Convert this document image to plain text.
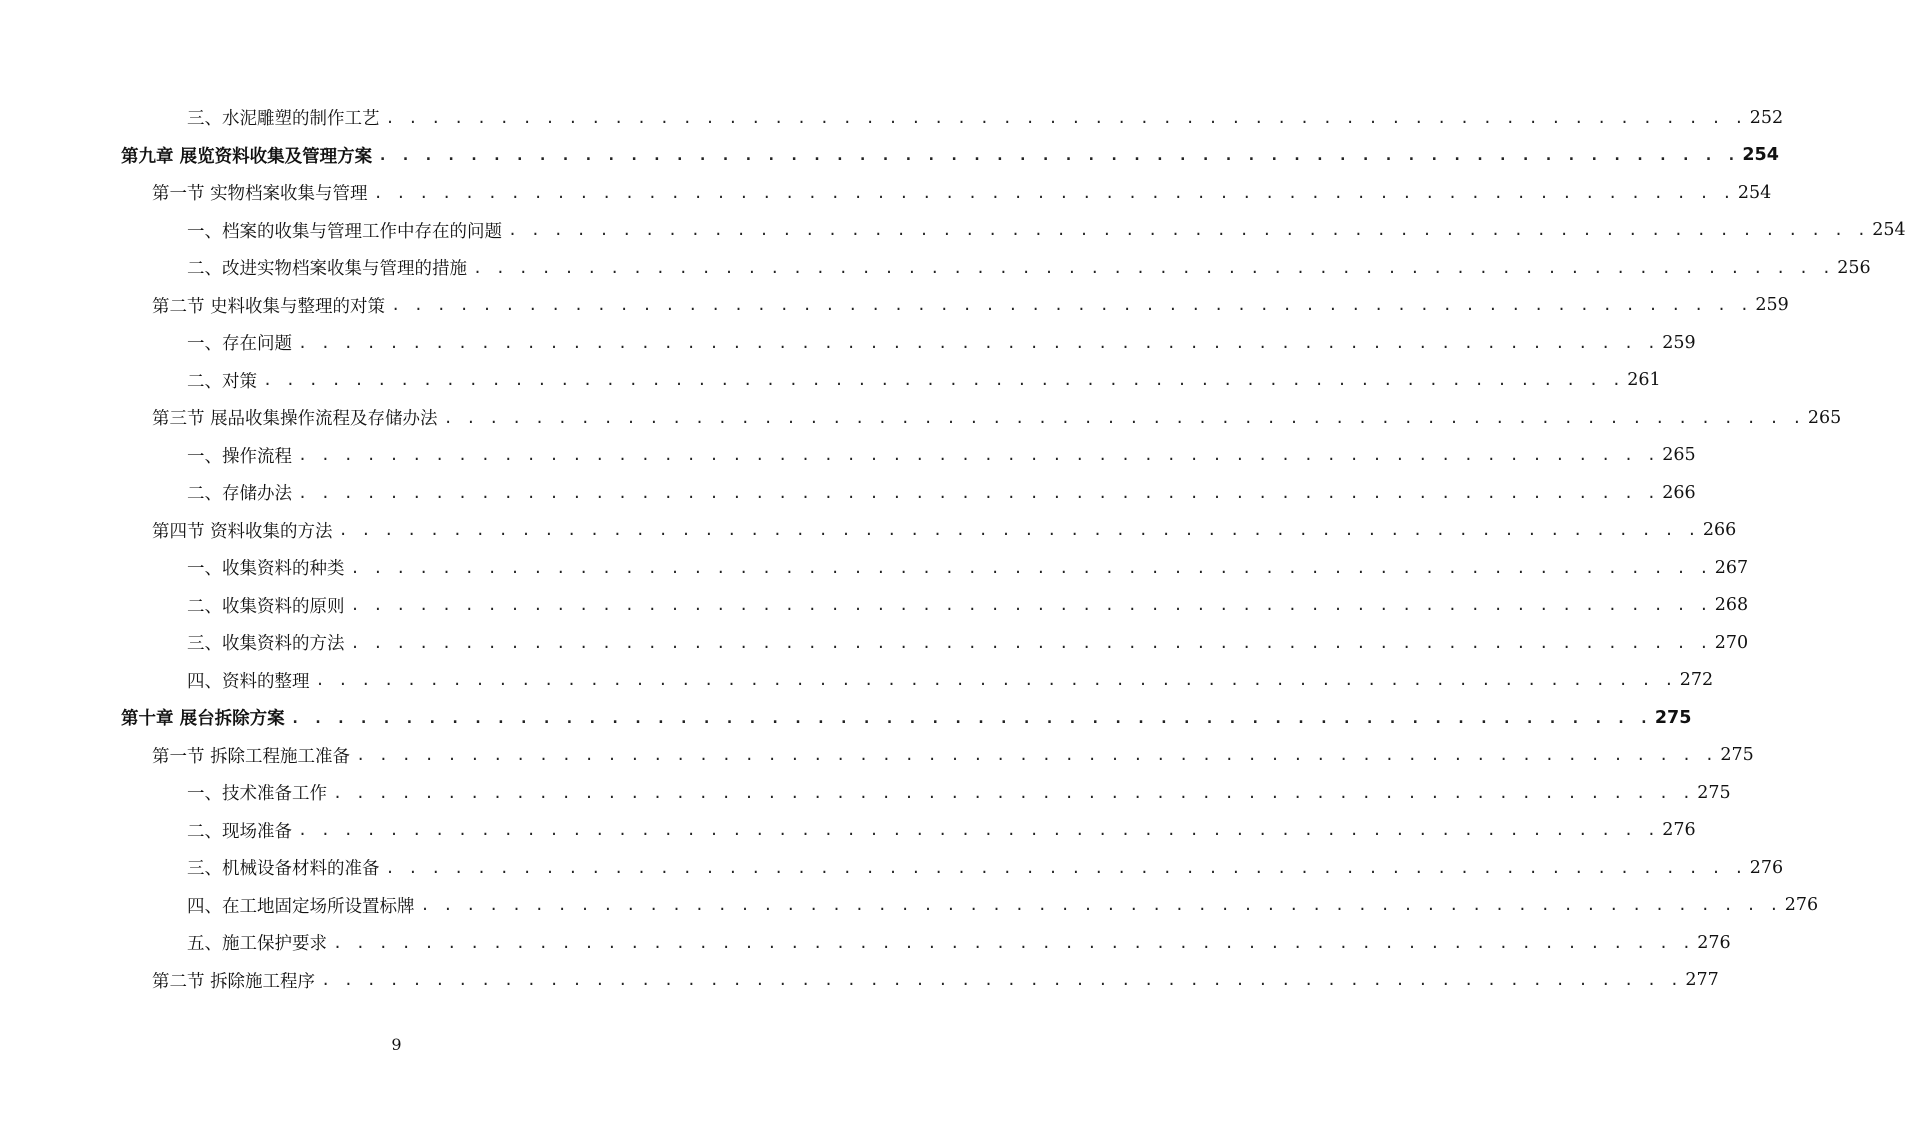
三、水泥雕塑的制作工艺 . . . . . . . . . . . . . . . . . . . . . . . . . . . . . . . . . . . . . . . . . . . . . . . . . . . . . . . . . . . . 252
第九章 展览资料收集及管理方案 . . . . . . . . . . . . . . . . . . . . . . . . . . . . . . . . . . . . . . . . . . . . . . . . . . . . . . . . . . . . 254
第一节 实物档案收集与管理 . . . . . . . . . . . . . . . . . . . . . . . . . . . . . . . . . . . . . . . . . . . . . . . . . . . . . . . . . . . . 254
一、档案的收集与管理工作中存在的问题 . . . . . . . . . . . . . . . . . . . . . . . . . . . . . . . . . . . . . . . . . . . . . . . . . . . . . . . . . . . . 254
二、改进实物档案收集与管理的措施 . . . . . . . . . . . . . . . . . . . . . . . . . . . . . . . . . . . . . . . . . . . . . . . . . . . . . . . . . . . . 256
第二节 史料收集与整理的对策 . . . . . . . . . . . . . . . . . . . . . . . . . . . . . . . . . . . . . . . . . . . . . . . . . . . . . . . . . . . . 259
一、存在问题 . . . . . . . . . . . . . . . . . . . . . . . . . . . . . . . . . . . . . . . . . . . . . . . . . . . . . . . . . . . . 259
二、对策 . . . . . . . . . . . . . . . . . . . . . . . . . . . . . . . . . . . . . . . . . . . . . . . . . . . . . . . . . . . . 261
第三节 展品收集操作流程及存储办法 . . . . . . . . . . . . . . . . . . . . . . . . . . . . . . . . . . . . . . . . . . . . . . . . . . . . . . . . . . . . 265
一、操作流程 . . . . . . . . . . . . . . . . . . . . . . . . . . . . . . . . . . . . . . . . . . . . . . . . . . . . . . . . . . . . 265
二、存储办法 . . . . . . . . . . . . . . . . . . . . . . . . . . . . . . . . . . . . . . . . . . . . . . . . . . . . . . . . . . . . 266
第四节 资料收集的方法 . . . . . . . . . . . . . . . . . . . . . . . . . . . . . . . . . . . . . . . . . . . . . . . . . . . . . . . . . . . . 266
一、收集资料的种类 . . . . . . . . . . . . . . . . . . . . . . . . . . . . . . . . . . . . . . . . . . . . . . . . . . . . . . . . . . . . 267
二、收集资料的原则 . . . . . . . . . . . . . . . . . . . . . . . . . . . . . . . . . . . . . . . . . . . . . . . . . . . . . . . . . . . . 268
三、收集资料的方法 . . . . . . . . . . . . . . . . . . . . . . . . . . . . . . . . . . . . . . . . . . . . . . . . . . . . . . . . . . . . 270
四、资料的整理 . . . . . . . . . . . . . . . . . . . . . . . . . . . . . . . . . . . . . . . . . . . . . . . . . . . . . . . . . . . . 272
第十章 展台拆除方案 . . . . . . . . . . . . . . . . . . . . . . . . . . . . . . . . . . . . . . . . . . . . . . . . . . . . . . . . . . . . 275
第一节 拆除工程施工准备 . . . . . . . . . . . . . . . . . . . . . . . . . . . . . . . . . . . . . . . . . . . . . . . . . . . . . . . . . . . . 275
一、技术准备工作 . . . . . . . . . . . . . . . . . . . . . . . . . . . . . . . . . . . . . . . . . . . . . . . . . . . . . . . . . . . . 275
二、现场准备 . . . . . . . . . . . . . . . . . . . . . . . . . . . . . . . . . . . . . . . . . . . . . . . . . . . . . . . . . . . . 276
三、机械设备材料的准备 . . . . . . . . . . . . . . . . . . . . . . . . . . . . . . . . . . . . . . . . . . . . . . . . . . . . . . . . . . . . 276
四、在工地固定场所设置标牌 . . . . . . . . . . . . . . . . . . . . . . . . . . . . . . . . . . . . . . . . . . . . . . . . . . . . . . . . . . . . 276
五、施工保护要求 . . . . . . . . . . . . . . . . . . . . . . . . . . . . . . . . . . . . . . . . . . . . . . . . . . . . . . . . . . . . 276
第二节 拆除施工程序 . . . . . . . . . . . . . . . . . . . . . . . . . . . . . . . . . . . . . . . . . . . . . . . . . . . . . . . . . . . . 277
9
